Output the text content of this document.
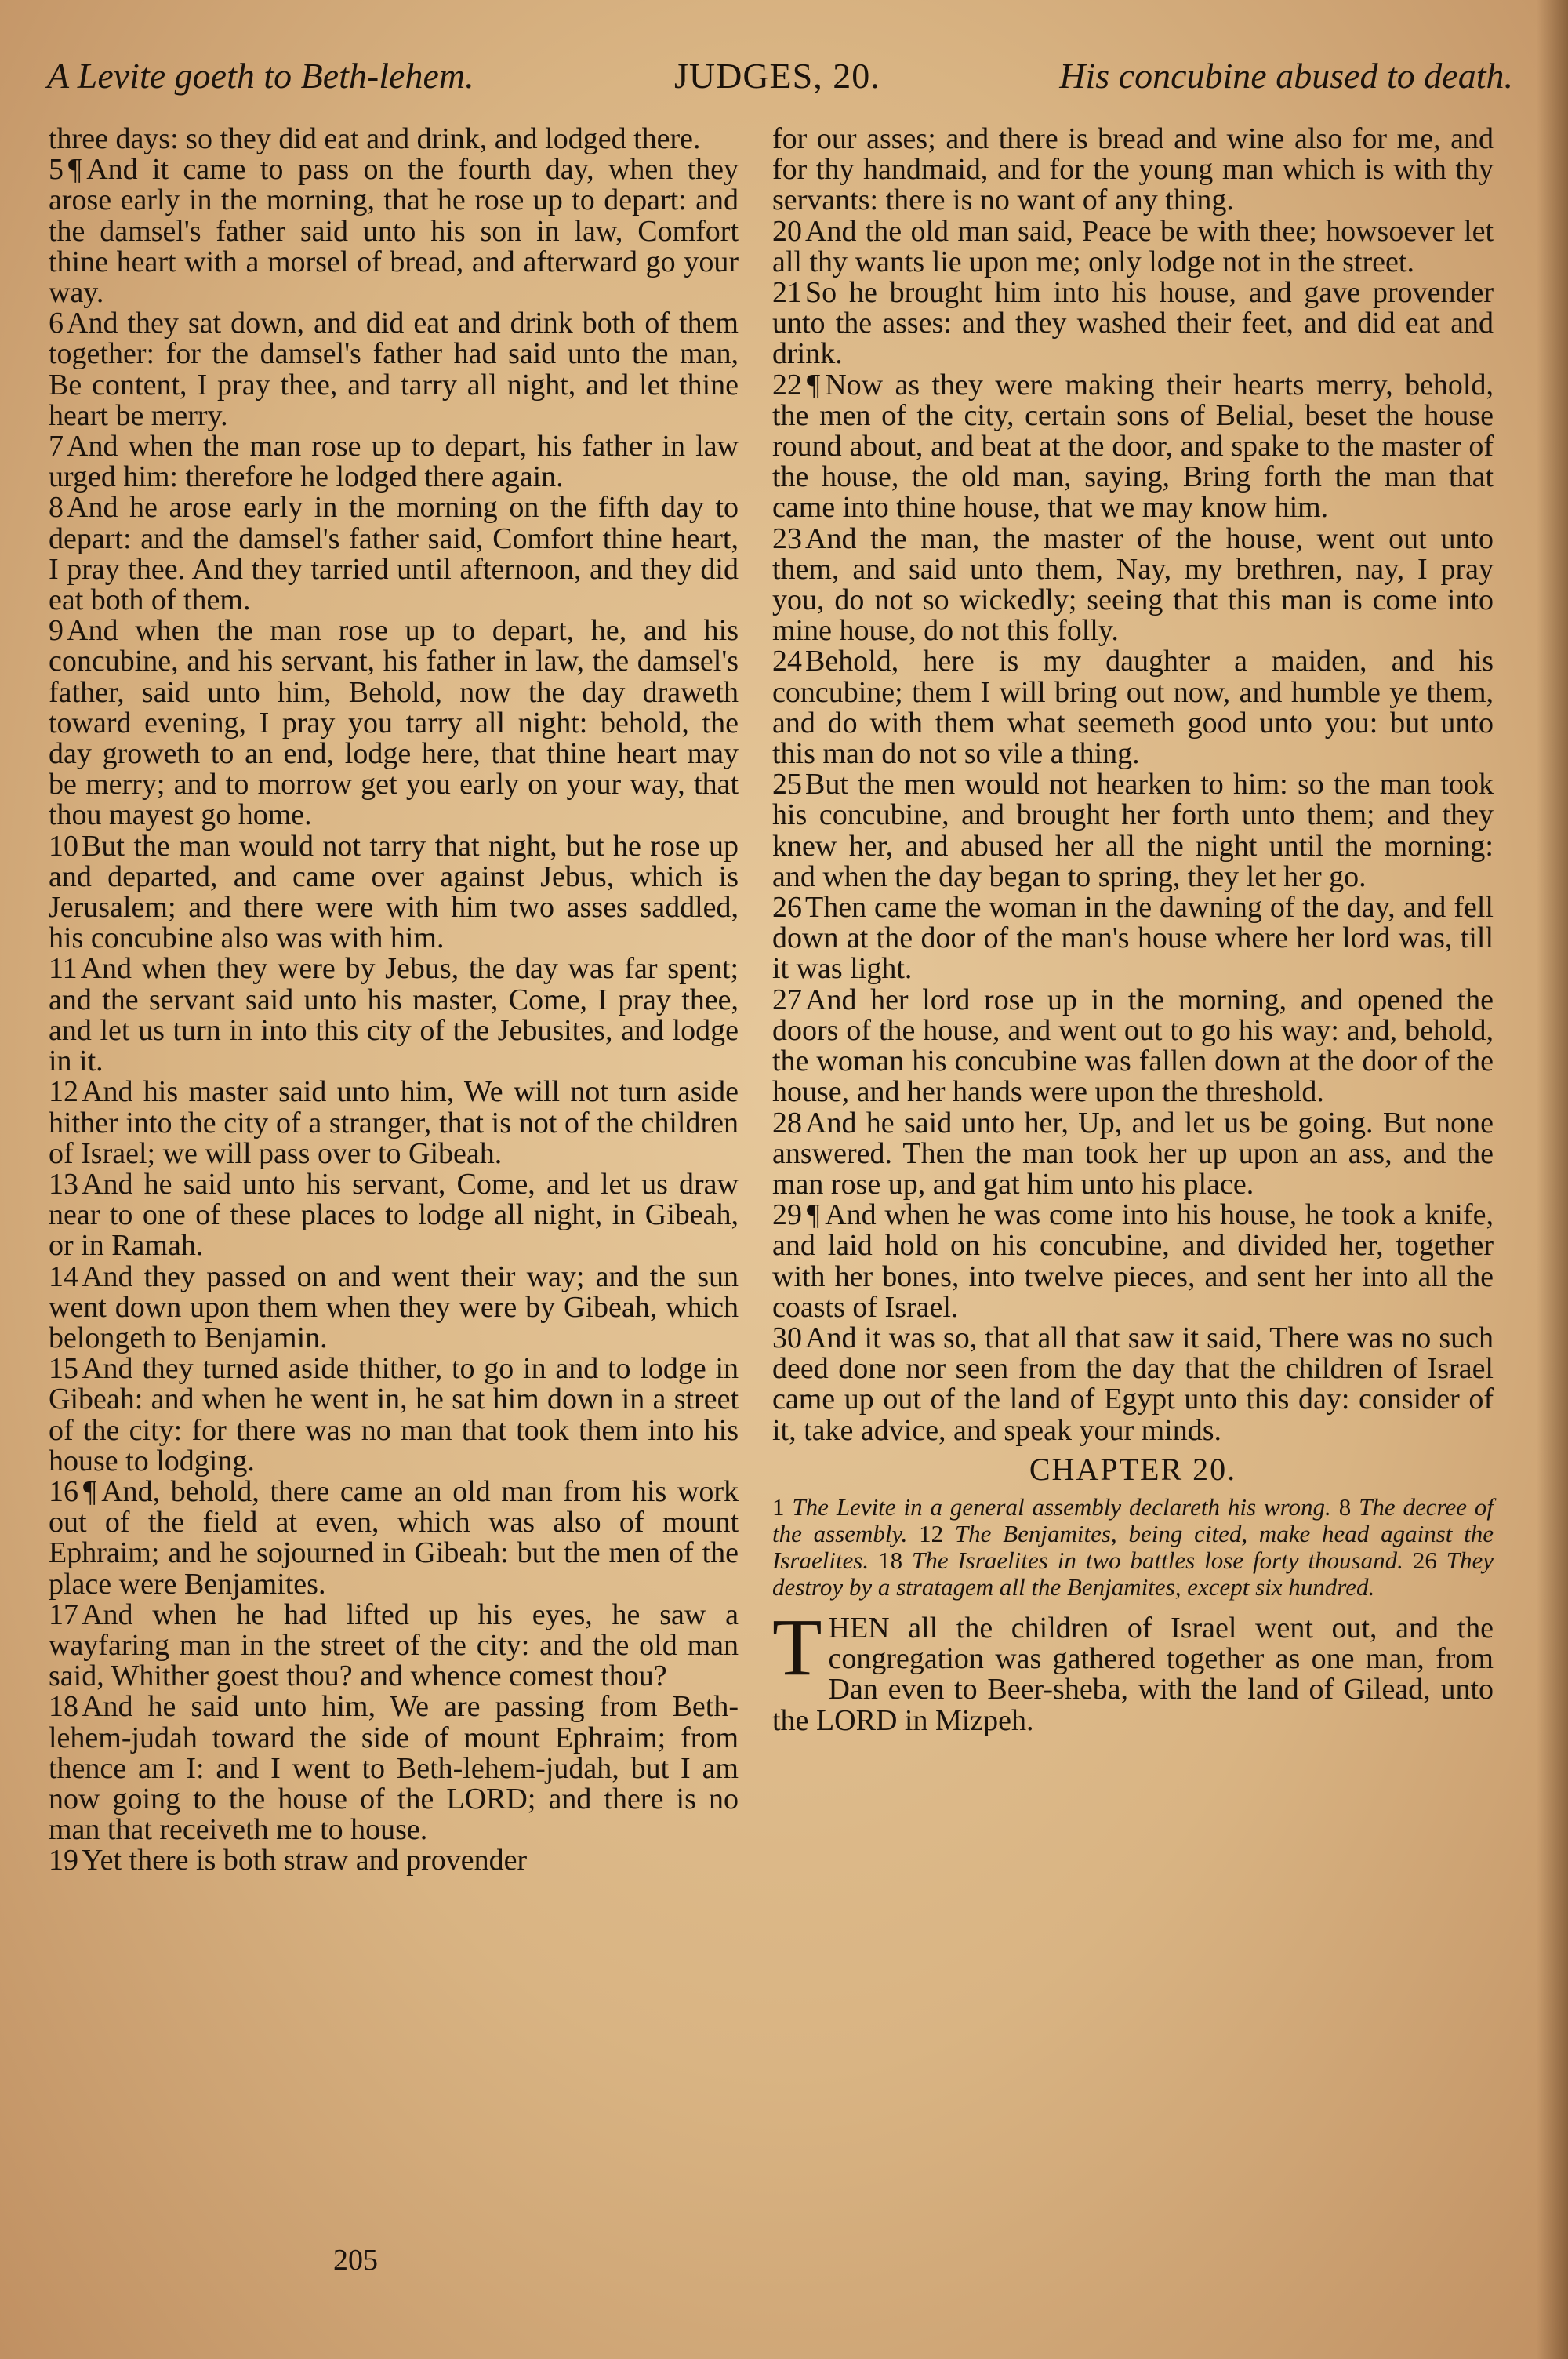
A Levite goeth to Beth-lehem.	JUDGES, 20.	His concubine abused to death.

three days: so they did eat and drink, and lodged there.

5 ¶ And it came to pass on the fourth day, when they arose early in the morning, that he rose up to depart: and the damsel's father said unto his son in law, Comfort thine heart with a morsel of bread, and afterward go your way.

6 And they sat down, and did eat and drink both of them together: for the damsel's father had said unto the man, Be content, I pray thee, and tarry all night, and let thine heart be merry.

7 And when the man rose up to depart, his father in law urged him: therefore he lodged there again.

8 And he arose early in the morning on the fifth day to depart: and the damsel's father said, Comfort thine heart, I pray thee. And they tarried until afternoon, and they did eat both of them.

9 And when the man rose up to depart, he, and his concubine, and his servant, his father in law, the damsel's father, said unto him, Behold, now the day draweth toward evening, I pray you tarry all night: behold, the day groweth to an end, lodge here, that thine heart may be merry; and to morrow get you early on your way, that thou mayest go home.

10 But the man would not tarry that night, but he rose up and departed, and came over against Jebus, which is Jerusalem; and there were with him two asses saddled, his concubine also was with him.

11 And when they were by Jebus, the day was far spent; and the servant said unto his master, Come, I pray thee, and let us turn in into this city of the Jebusites, and lodge in it.

12 And his master said unto him, We will not turn aside hither into the city of a stranger, that is not of the children of Israel; we will pass over to Gibeah.

13 And he said unto his servant, Come, and let us draw near to one of these places to lodge all night, in Gibeah, or in Ramah.

14 And they passed on and went their way; and the sun went down upon them when they were by Gibeah, which belongeth to Benjamin.

15 And they turned aside thither, to go in and to lodge in Gibeah: and when he went in, he sat him down in a street of the city: for there was no man that took them into his house to lodging.

16 ¶ And, behold, there came an old man from his work out of the field at even, which was also of mount Ephraim; and he sojourned in Gibeah: but the men of the place were Benjamites.

17 And when he had lifted up his eyes, he saw a wayfaring man in the street of the city: and the old man said, Whither goest thou? and whence comest thou?

18 And he said unto him, We are passing from Beth-lehem-judah toward the side of mount Ephraim; from thence am I: and I went to Beth-lehem-judah, but I am now going to the house of the LORD; and there is no man that receiveth me to house.

19 Yet there is both straw and provender

for our asses; and there is bread and wine also for me, and for thy handmaid, and for the young man which is with thy servants: there is no want of any thing.

20 And the old man said, Peace be with thee; howsoever let all thy wants lie upon me; only lodge not in the street.

21 So he brought him into his house, and gave provender unto the asses: and they washed their feet, and did eat and drink.

22 ¶ Now as they were making their hearts merry, behold, the men of the city, certain sons of Belial, beset the house round about, and beat at the door, and spake to the master of the house, the old man, saying, Bring forth the man that came into thine house, that we may know him.

23 And the man, the master of the house, went out unto them, and said unto them, Nay, my brethren, nay, I pray you, do not so wickedly; seeing that this man is come into mine house, do not this folly.

24 Behold, here is my daughter a maiden, and his concubine; them I will bring out now, and humble ye them, and do with them what seemeth good unto you: but unto this man do not so vile a thing.

25 But the men would not hearken to him: so the man took his concubine, and brought her forth unto them; and they knew her, and abused her all the night until the morning: and when the day began to spring, they let her go.

26 Then came the woman in the dawning of the day, and fell down at the door of the man's house where her lord was, till it was light.

27 And her lord rose up in the morning, and opened the doors of the house, and went out to go his way: and, behold, the woman his concubine was fallen down at the door of the house, and her hands were upon the threshold.

28 And he said unto her, Up, and let us be going. But none answered. Then the man took her up upon an ass, and the man rose up, and gat him unto his place.

29 ¶ And when he was come into his house, he took a knife, and laid hold on his concubine, and divided her, together with her bones, into twelve pieces, and sent her into all the coasts of Israel.

30 And it was so, that all that saw it said, There was no such deed done nor seen from the day that the children of Israel came up out of the land of Egypt unto this day: consider of it, take advice, and speak your minds.

CHAPTER 20.
1 The Levite in a general assembly declareth his wrong. 8 The decree of the assembly. 12 The Benjamites, being cited, make head against the Israelites. 18 The Israelites in two battles lose forty thousand. 26 They destroy by a stratagem all the Benjamites, except six hundred.
T HEN all the children of Israel went out, and the congregation was gathered together as one man, from Dan even to Beer-sheba, with the land of Gilead, unto the LORD in Mizpeh.
205
